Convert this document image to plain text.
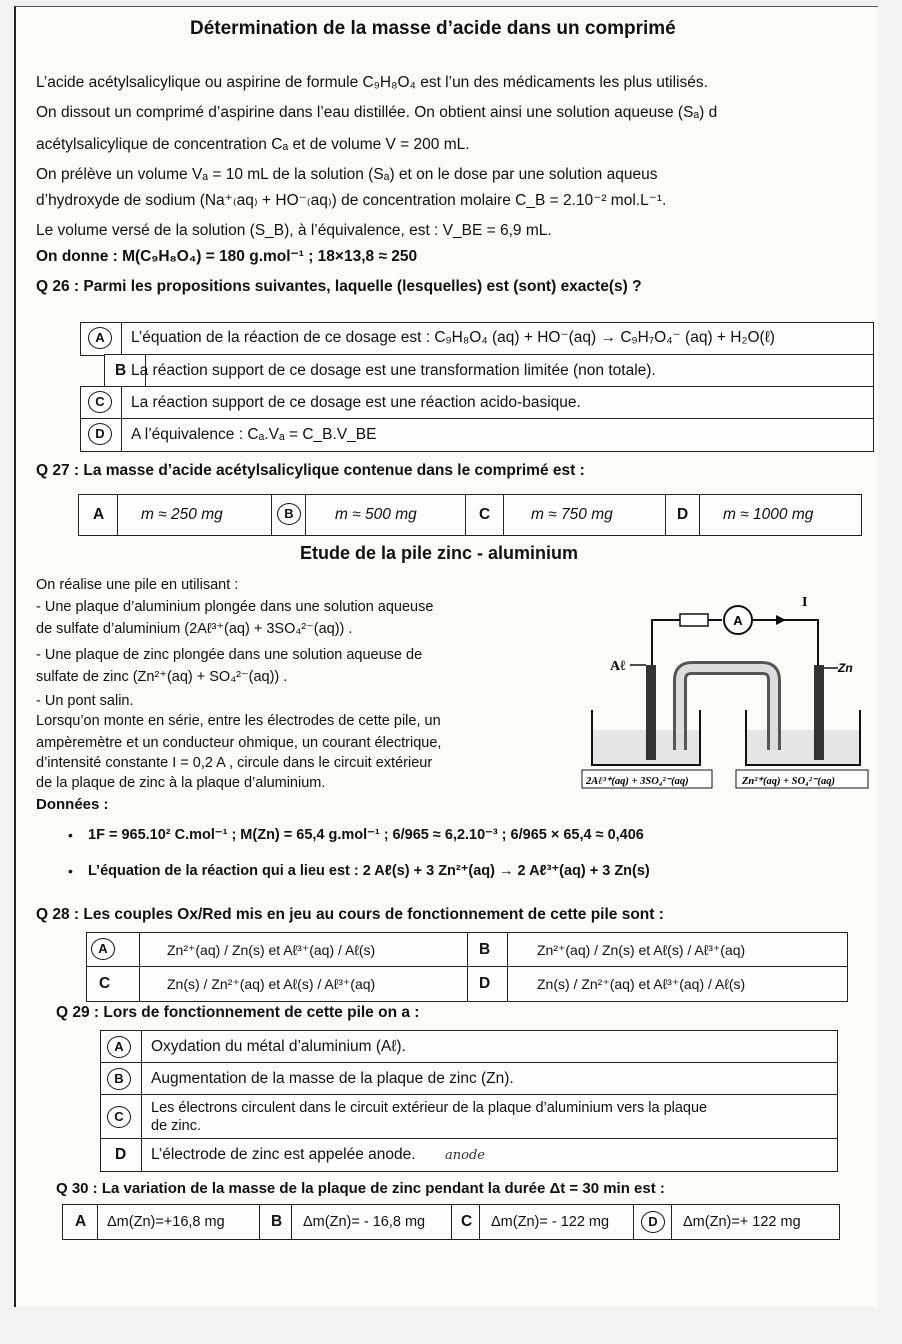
Détermination de la masse d’acide dans un comprimé
L’acide acétylsalicylique ou aspirine de formule C₉H₈O₄ est l’un des médicaments les plus utilisés.
On dissout un comprimé d’aspirine dans l’eau distillée. On obtient ainsi une solution aqueuse (Sₐ) d
acétylsalicylique de concentration Cₐ et de volume V = 200 mL.
On prélève un volume Vₐ = 10 mL de la solution (Sₐ) et on le dose par une solution aqueus
d’hydroxyde de sodium (Na⁺₍aq₎ + HO⁻₍aq₎) de concentration molaire C_B = 2.10⁻² mol.L⁻¹.
Le volume versé de la solution (S_B), à l’équivalence, est : V_BE = 6,9 mL.
On donne : M(C₉H₈O₄) = 180 g.mol⁻¹ ; 18×13,8 ≈ 250
Q 26 : Parmi les propositions suivantes, laquelle (lesquelles) est (sont) exacte(s) ?
A	L’équation de la réaction de ce dosage est : C₉H₈O₄ (aq) + HO⁻(aq) → C₉H₇O₄⁻ (aq) + H₂O(ℓ)
B La réaction support de ce dosage est une transformation limitée (non totale).
C	La réaction support de ce dosage est une réaction acido-basique.
D	A l’équivalence : Cₐ.Vₐ = C_B.V_BE
Q 27 : La masse d’acide acétylsalicylique contenue dans le comprimé est :
A m ≈ 250 mg	B	m ≈ 500 mg	C	m ≈ 750 mg	D m ≈ 1000 mg
Etude de la pile zinc - aluminium
On réalise une pile en utilisant :
- Une plaque d’aluminium plongée dans une solution aqueuse
de sulfate d’aluminium (2Aℓ³⁺(aq) + 3SO₄²⁻(aq)) .
- Une plaque de zinc plongée dans une solution aqueuse de
sulfate de zinc (Zn²⁺(aq) + SO₄²⁻(aq)) .
- Un pont salin.
Lorsqu’on monte en série, entre les électrodes de cette pile, un
ampèremètre et un conducteur ohmique, un courant électrique,
d’intensité constante I = 0,2 A , circule dans le circuit extérieur
de la plaque de zinc à la plaque d’aluminium.
A
I
Aℓ	Zn
2Aℓ³⁺(aq) + 3SO₄²⁻(aq)	Zn²⁺(aq) + SO₄²⁻(aq)
Données :
1F = 965.10² C.mol⁻¹ ; M(Zn) = 65,4 g.mol⁻¹ ; 6/965 ≈ 6,2.10⁻³ ; 6/965 × 65,4 ≈ 0,406
•
L’équation de la réaction qui a lieu est : 2 Aℓ(s) + 3 Zn²⁺(aq) → 2 Aℓ³⁺(aq) + 3 Zn(s)
•
Q 28 : Les couples Ox/Red mis en jeu au cours de fonctionnement de cette pile sont :
A	Zn²⁺(aq) / Zn(s) et Aℓ³⁺(aq) / Aℓ(s)	B	Zn²⁺(aq) / Zn(s) et Aℓ(s) / Aℓ³⁺(aq)
C	Zn(s) / Zn²⁺(aq) et Aℓ(s) / Aℓ³⁺(aq)	D	Zn(s) / Zn²⁺(aq) et Aℓ³⁺(aq) / Aℓ(s)
Q 29 : Lors de fonctionnement de cette pile on a :
A	Oxydation du métal d’aluminium (Aℓ).
B	Augmentation de la masse de la plaque de zinc (Zn).
C
Les électrons circulent dans le circuit extérieur de la plaque d’aluminium vers la plaque
de zinc.
D L’électrode de zinc est appelée anode. anode
Q 30 : La variation de la masse de la plaque de zinc pendant la durée Δt = 30 min est :
A Δm(Zn)=+16,8 mg	B Δm(Zn)= - 16,8 mg C Δm(Zn)= - 122 mg	D	Δm(Zn)=+ 122 mg
